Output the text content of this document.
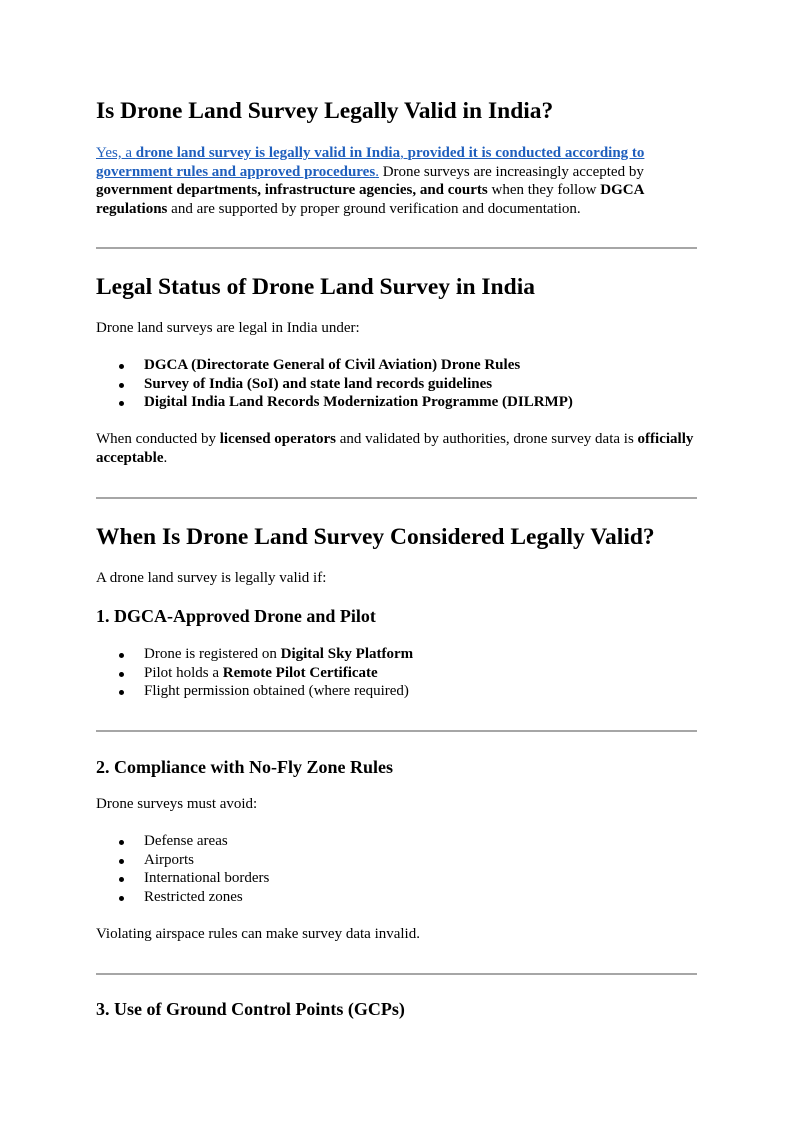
Is Drone Land Survey Legally Valid in India?

Yes, a drone land survey is legally valid in India, provided it is conducted according to government rules and approved procedures. Drone surveys are increasingly accepted by government departments, infrastructure agencies, and courts when they follow DGCA regulations and are supported by proper ground verification and documentation.

Legal Status of Drone Land Survey in India

Drone land surveys are legal in India under:

DGCA (Directorate General of Civil Aviation) Drone Rules
Survey of India (SoI) and state land records guidelines
Digital India Land Records Modernization Programme (DILRMP)

When conducted by licensed operators and validated by authorities, drone survey data is officially acceptable.

When Is Drone Land Survey Considered Legally Valid?

A drone land survey is legally valid if:

1. DGCA-Approved Drone and Pilot
Drone is registered on Digital Sky Platform
Pilot holds a Remote Pilot Certificate
Flight permission obtained (where required)
2. Compliance with No-Fly Zone Rules

Drone surveys must avoid:

Defense areas
Airports
International borders
Restricted zones

Violating airspace rules can make survey data invalid.

3. Use of Ground Control Points (GCPs)
